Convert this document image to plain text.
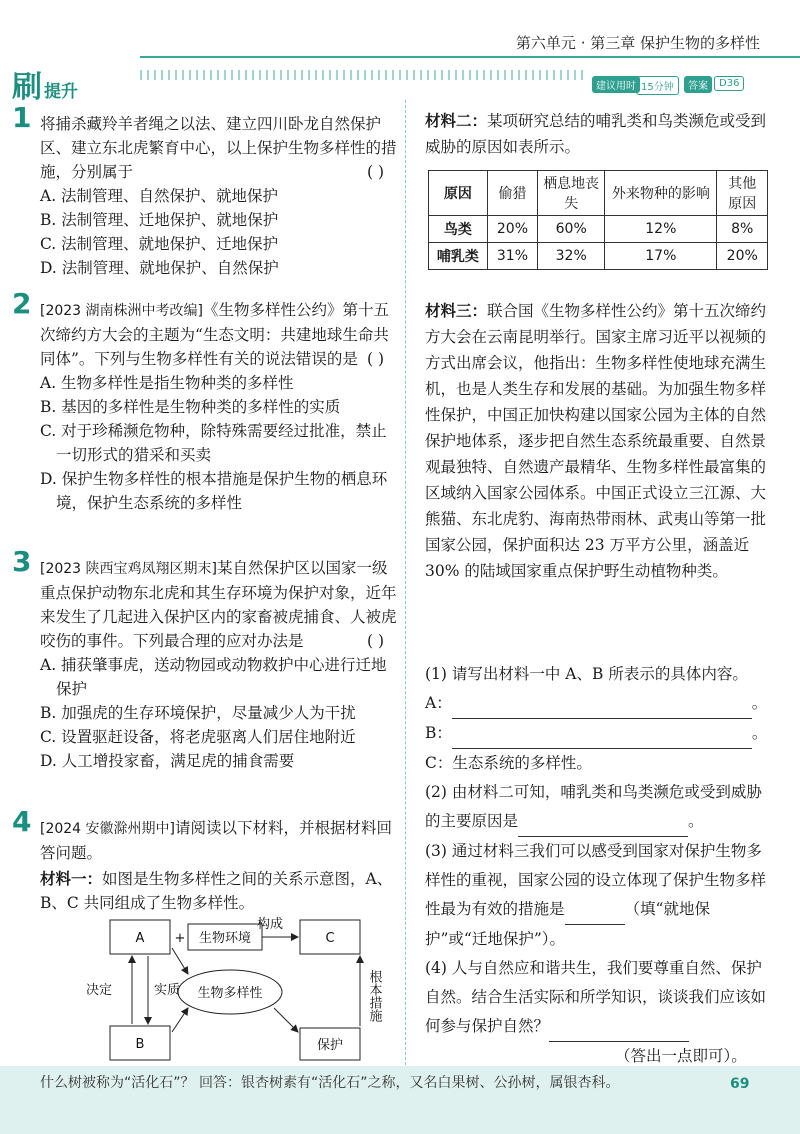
第六单元 · 第三章 保护生物的多样性
刷提升	建议用时 15分钟	答案	D36
1 将捕杀藏羚羊者绳之以法、建立四川卧龙自然保护区、建立东北虎繁育中心，以上保护生物多样性的措施，分别属于	( )
A. 法制管理、自然保护、就地保护
B. 法制管理、迁地保护、就地保护
C. 法制管理、就地保护、迁地保护
D. 法制管理、就地保护、自然保护
2 [2023 湖南株洲中考改编]《生物多样性公约》第十五次缔约方大会的主题为“生态文明：共建地球生命共同体”。下列与生物多样性有关的说法错误的是 ( )
A. 生物多样性是指生物种类的多样性
B. 基因的多样性是生物种类的多样性的实质
C. 对于珍稀濒危物种，除特殊需要经过批准，禁止一切形式的猎采和买卖
D. 保护生物多样性的根本措施是保护生物的栖息环境，保护生态系统的多样性
3 [2023 陕西宝鸡凤翔区期末]某自然保护区以国家一级重点保护动物东北虎和其生存环境为保护对象，近年来发生了几起进入保护区内的家畜被虎捕食、人被虎咬伤的事件。下列最合理的应对办法是	( )
A. 捕获肇事虎，送动物园或动物救护中心进行迁地保护
B. 加强虎的生存环境保护，尽量减少人为干扰
C. 设置驱赶设备，将老虎驱离人们居住地附近
D. 人工增投家畜，满足虎的捕食需要
4 [2024 安徽滁州期中]请阅读以下材料，并根据材料回答问题。
材料一：如图是生物多样性之间的关系示意图，A、B、C 共同组成了生物多样性。
A + 生物环境
构成
C
生物多样性
B	保护
决定	实质	根本措施
材料二：某项研究总结的哺乳类和鸟类濒危或受到威胁的原因如表所示。
原因	偷猎	栖息地丧失	外来物种的影响	其他原因
鸟类	20%	60%	12%	8%
哺乳类	31%	32%	17%	20%
材料三：联合国《生物多样性公约》第十五次缔约方大会在云南昆明举行。国家主席习近平以视频的方式出席会议，他指出：生物多样性使地球充满生机，也是人类生存和发展的基础。为加强生物多样性保护，中国正加快构建以国家公园为主体的自然保护地体系，逐步把自然生态系统最重要、自然景观最独特、自然遗产最精华、生物多样性最富集的区域纳入国家公园体系。中国正式设立三江源、大熊猫、东北虎豹、海南热带雨林、武夷山等第一批国家公园，保护面积达 23 万平方公里，涵盖近 30% 的陆域国家重点保护野生动植物种类。
(1) 请写出材料一中 A、B 所表示的具体内容。
A：	。
B：	。
C：生态系统的多样性。
(2) 由材料二可知，哺乳类和鸟类濒危或受到威胁的主要原因是	。
(3) 通过材料三我们可以感受到国家对保护生物多样性的重视，国家公园的设立体现了保护生物多样性最为有效的措施是	（填“就地保护”或“迁地保护”）。
(4) 人与自然应和谐共生，我们要尊重自然、保护自然。结合生活实际和所学知识，谈谈我们应该如何参与保护自然？
（答出一点即可）。
什么树被称为“活化石”？ 回答：银杏树素有“活化石”之称，又名白果树、公孙树，属银杏科。	69
